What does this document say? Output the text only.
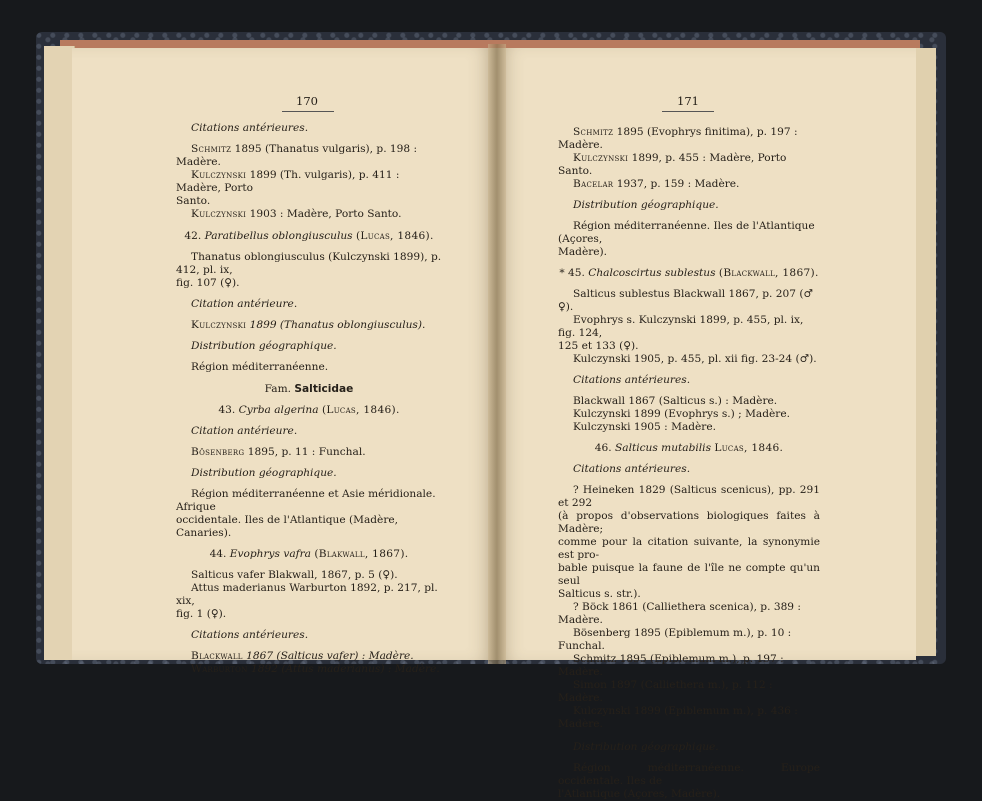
170

Citations antérieures.

Schmitz 1895 (Thanatus vulgaris), p. 198 : Madère.

Kulczynski 1899 (Th. vulgaris), p. 411 : Madère, Porto

Santo.

Kulczynski 1903 : Madère, Porto Santo.

42. Paratibellus oblongiusculus (Lucas, 1846).

Thanatus oblongiusculus (Kulczynski 1899), p. 412, pl. ix,

fig. 107 (♀).

Citation antérieure.

Kulczynski 1899 (Thanatus oblongiusculus).

Distribution géographique.

Région méditerranéenne.

Fam. Salticidae

43. Cyrba algerina (Lucas, 1846).

Citation antérieure.

Bösenberg 1895, p. 11 : Funchal.

Distribution géographique.

Région méditerranéenne et Asie méridionale. Afrique

occidentale. Iles de l'Atlantique (Madère, Canaries).

44. Evophrys vafra (Blakwall, 1867).

Salticus vafer Blakwall, 1867, p. 5 (♀).

Attus maderianus Warburton 1892, p. 217, pl. xix,

fig. 1 (♀).

Citations antérieures.

Blackwall 1867 (Salticus vafer) : Madère.

Warburton 1892 (Attus maderianus) : Madère.

171

Schmitz 1895 (Evophrys finitima), p. 197 : Madère.

Kulczynski 1899, p. 455 : Madère, Porto Santo.

Bacelar 1937, p. 159 : Madère.

Distribution géographique.

Région méditerranéenne. Iles de l'Atlantique (Açores,

Madère).

* 45. Chalcoscirtus sublestus (Blackwall, 1867).

Salticus sublestus Blackwall 1867, p. 207 (♂ ♀).

Evophrys s. Kulczynski 1899, p. 455, pl. ix, fig. 124,

125 et 133 (♀).

Kulczynski 1905, p. 455, pl. xii fig. 23-24 (♂).

Citations antérieures.

Blackwall 1867 (Salticus s.) : Madère.

Kulczynski 1899 (Evophrys s.) ; Madère.

Kulczynski 1905 : Madère.

46. Salticus mutabilis Lucas, 1846.

Citations antérieures.

? Heineken 1829 (Salticus scenicus), pp. 291 et 292

(à propos d'observations biologiques faites à Madère;

comme pour la citation suivante, la synonymie est pro-

bable puisque la faune de l'île ne compte qu'un seul

Salticus s. str.).

? Böck 1861 (Calliethera scenica), p. 389 : Madère.

Bösenberg 1895 (Epiblemum m.), p. 10 : Funchal.

Schmitz 1895 (Epiblemum m.), p. 197 : Madère.

Simon 1897 (Calliethera m.), p. 112 : Madère.

Kulczynski 1899 (Epiblemum m.), p. 436 : Madère.

Distribution géographique.

Région méditerranéenne. Europe occidentale. Iles de

l'Atlantique (Açores, Madère).
